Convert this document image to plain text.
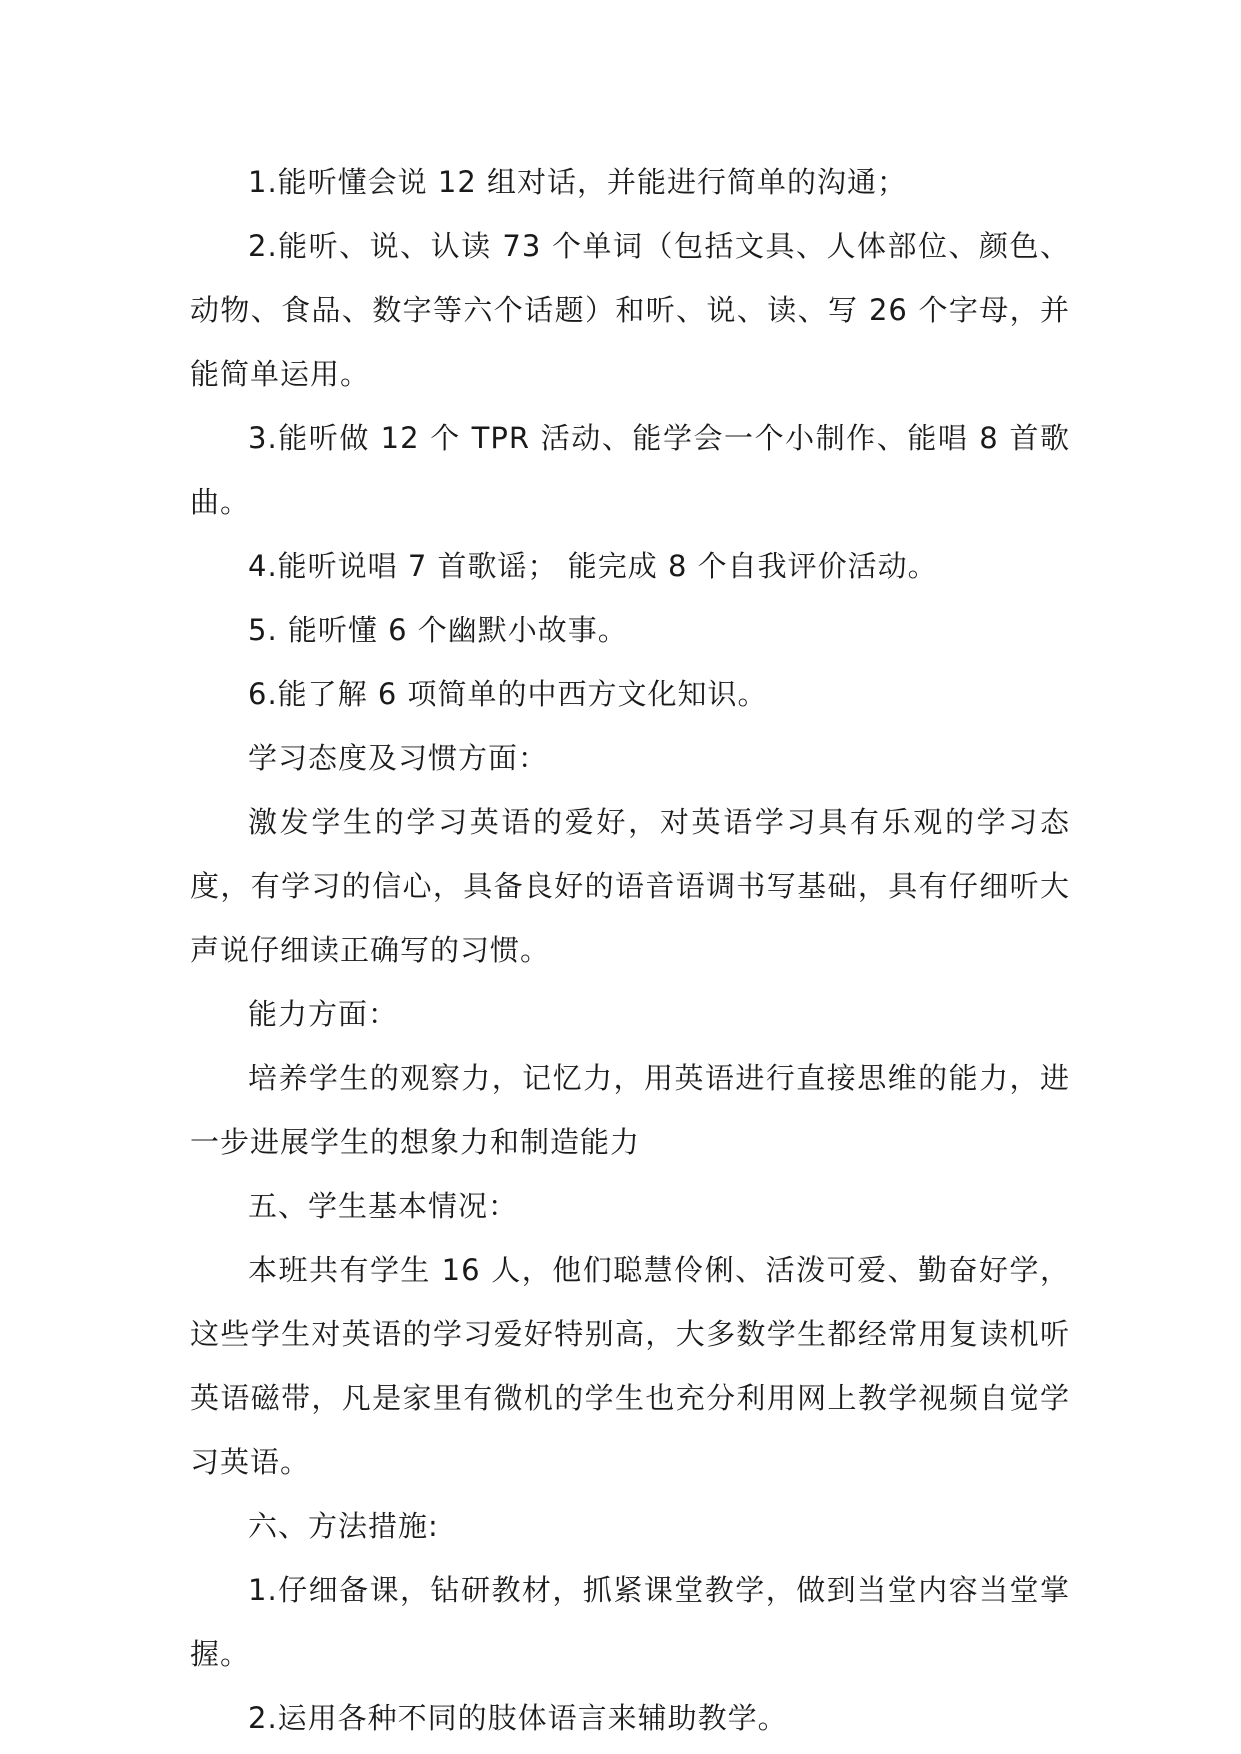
1.能听懂会说 12 组对话，并能进行简单的沟通；

2.能听、说、认读 73 个单词（包括文具、人体部位、颜色、动物、食品、数字等六个话题）和听、说、读、写 26 个字母，并能简单运用。

3.能听做 12 个 TPR 活动、能学会一个小制作、能唱 8 首歌曲。

4.能听说唱 7 首歌谣； 能完成 8 个自我评价活动。

5. 能听懂 6 个幽默小故事。

6.能了解 6 项简单的中西方文化知识。

学习态度及习惯方面：

激发学生的学习英语的爱好，对英语学习具有乐观的学习态度，有学习的信心，具备良好的语音语调书写基础，具有仔细听大声说仔细读正确写的习惯。

能力方面：

培养学生的观察力，记忆力，用英语进行直接思维的能力，进一步进展学生的想象力和制造能力

五、学生基本情况：

本班共有学生 16 人，他们聪慧伶俐、活泼可爱、勤奋好学，这些学生对英语的学习爱好特别高，大多数学生都经常用复读机听英语磁带，凡是家里有微机的学生也充分利用网上教学视频自觉学习英语。

六、方法措施:

1.仔细备课，钻研教材，抓紧课堂教学，做到当堂内容当堂掌握。

2.运用各种不同的肢体语言来辅助教学。
